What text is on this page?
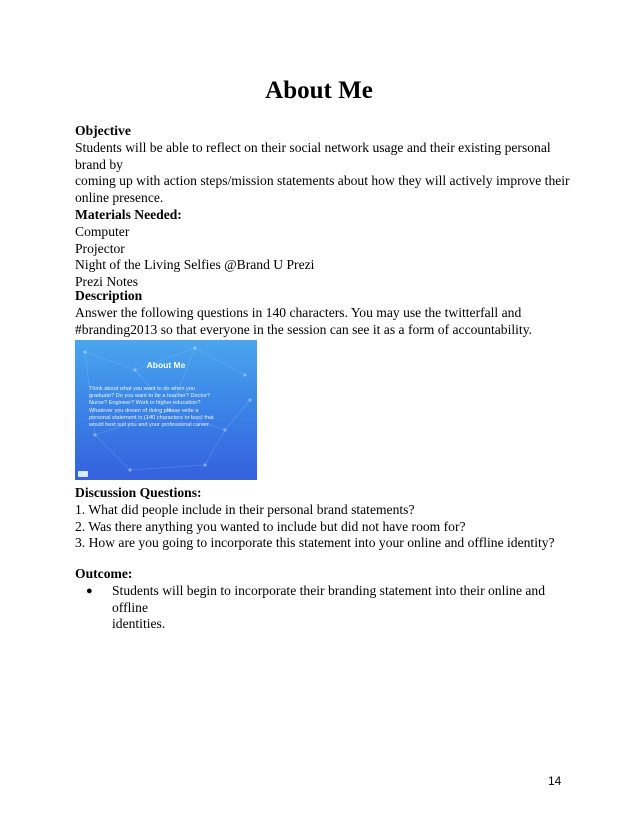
About Me

Objective

Students will be able to reflect on their social network usage and their existing personal brand by

coming up with action steps/mission statements about how they will actively improve their

online presence.

Materials Needed:

Computer

Projector

Night of the Living Selfies @Brand U Prezi

Prezi Notes

Description

Answer the following questions in 140 characters. You may use the twitterfall and

#branding2013 so that everyone in the session can see it as a form of accountability.

About Me
Think about what you want to do when you
graduate? Do you want to be a teacher? Doctor?
Nurse? Engineer? Work in higher education?
Whatever you dream of doing please write a
personal statement in (140 characters or less) that
would best suit you and your professional career.

Discussion Questions:

1. What did people include in their personal brand statements?

2. Was there anything you wanted to include but did not have room for?

3. How are you going to incorporate this statement into your online and offline identity?

Outcome:

●	Students will begin to incorporate their branding statement into their online and offline
identities.
14
